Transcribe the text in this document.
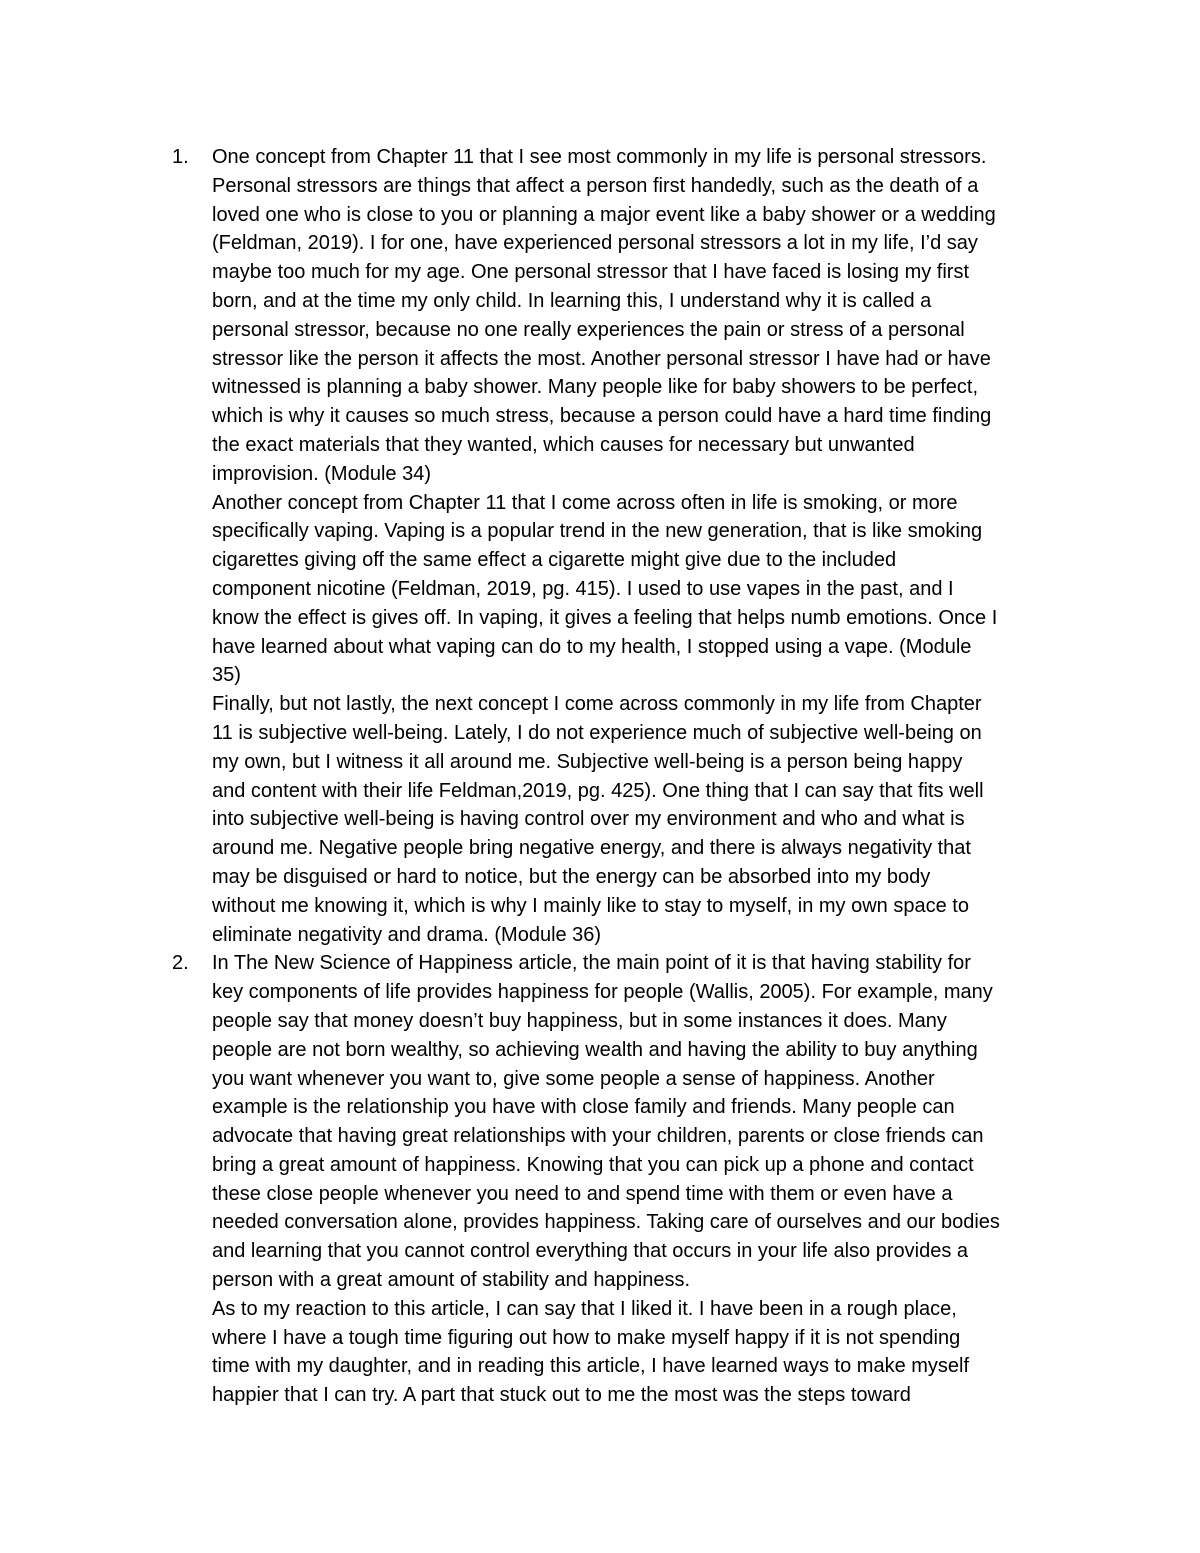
1. One concept from Chapter 11 that I see most commonly in my life is personal stressors.
Personal stressors are things that affect a person first handedly, such as the death of a
loved one who is close to you or planning a major event like a baby shower or a wedding
(Feldman, 2019). I for one, have experienced personal stressors a lot in my life, I’d say
maybe too much for my age. One personal stressor that I have faced is losing my first
born, and at the time my only child. In learning this, I understand why it is called a
personal stressor, because no one really experiences the pain or stress of a personal
stressor like the person it affects the most. Another personal stressor I have had or have
witnessed is planning a baby shower. Many people like for baby showers to be perfect,
which is why it causes so much stress, because a person could have a hard time finding
the exact materials that they wanted, which causes for necessary but unwanted
improvision. (Module 34)

Another concept from Chapter 11 that I come across often in life is smoking, or more
specifically vaping. Vaping is a popular trend in the new generation, that is like smoking
cigarettes giving off the same effect a cigarette might give due to the included
component nicotine (Feldman, 2019, pg. 415). I used to use vapes in the past, and I
know the effect is gives off. In vaping, it gives a feeling that helps numb emotions. Once I
have learned about what vaping can do to my health, I stopped using a vape. (Module
35)

Finally, but not lastly, the next concept I come across commonly in my life from Chapter
11 is subjective well-being. Lately, I do not experience much of subjective well-being on
my own, but I witness it all around me. Subjective well-being is a person being happy
and content with their life Feldman,2019, pg. 425). One thing that I can say that fits well
into subjective well-being is having control over my environment and who and what is
around me. Negative people bring negative energy, and there is always negativity that
may be disguised or hard to notice, but the energy can be absorbed into my body
without me knowing it, which is why I mainly like to stay to myself, in my own space to
eliminate negativity and drama. (Module 36)

2. In The New Science of Happiness article, the main point of it is that having stability for
key components of life provides happiness for people (Wallis, 2005). For example, many
people say that money doesn’t buy happiness, but in some instances it does. Many
people are not born wealthy, so achieving wealth and having the ability to buy anything
you want whenever you want to, give some people a sense of happiness. Another
example is the relationship you have with close family and friends. Many people can
advocate that having great relationships with your children, parents or close friends can
bring a great amount of happiness. Knowing that you can pick up a phone and contact
these close people whenever you need to and spend time with them or even have a
needed conversation alone, provides happiness. Taking care of ourselves and our bodies
and learning that you cannot control everything that occurs in your life also provides a
person with a great amount of stability and happiness.

As to my reaction to this article, I can say that I liked it. I have been in a rough place,
where I have a tough time figuring out how to make myself happy if it is not spending
time with my daughter, and in reading this article, I have learned ways to make myself
happier that I can try. A part that stuck out to me the most was the steps toward
